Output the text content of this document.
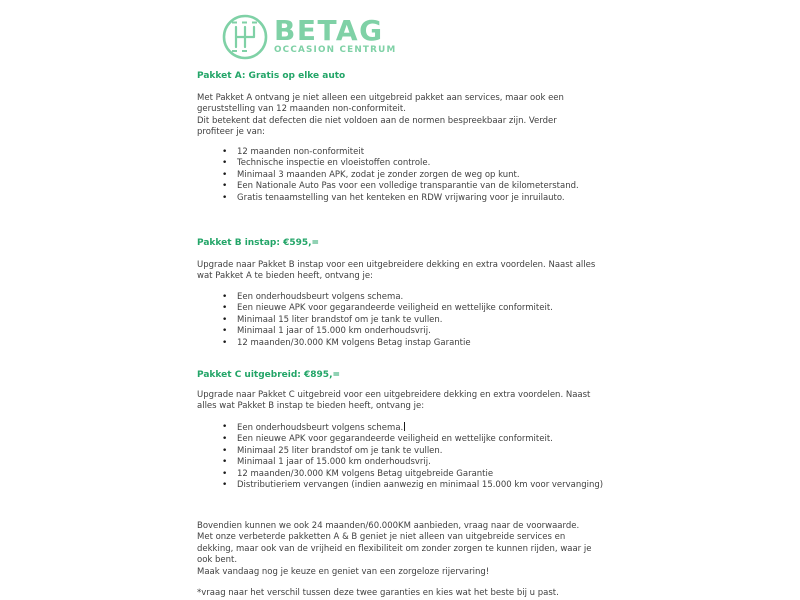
BETAG
OCCASION CENTRUM
Pakket A: Gratis op elke auto
Met Pakket A ontvang je niet alleen een uitgebreid pakket aan services, maar ook een
geruststelling van 12 maanden non-conformiteit.
Dit betekent dat defecten die niet voldoen aan de normen bespreekbaar zijn. Verder
profiteer je van:
• 12 maanden non-conformiteit
• Technische inspectie en vloeistoffen controle.
• Minimaal 3 maanden APK, zodat je zonder zorgen de weg op kunt.
• Een Nationale Auto Pas voor een volledige transparantie van de kilometerstand.
• Gratis tenaamstelling van het kenteken en RDW vrijwaring voor je inruilauto.
Pakket B instap: €595,=
Upgrade naar Pakket B instap voor een uitgebreidere dekking en extra voordelen. Naast alles
wat Pakket A te bieden heeft, ontvang je:
• Een onderhoudsbeurt volgens schema.
• Een nieuwe APK voor gegarandeerde veiligheid en wettelijke conformiteit.
• Minimaal 15 liter brandstof om je tank te vullen.
• Minimaal 1 jaar of 15.000 km onderhoudsvrij.
• 12 maanden/30.000 KM volgens Betag instap Garantie
Pakket C uitgebreid: €895,=
Upgrade naar Pakket C uitgebreid voor een uitgebreidere dekking en extra voordelen. Naast
alles wat Pakket B instap te bieden heeft, ontvang je:
• Een onderhoudsbeurt volgens schema.
• Een nieuwe APK voor gegarandeerde veiligheid en wettelijke conformiteit.
• Minimaal 25 liter brandstof om je tank te vullen.
• Minimaal 1 jaar of 15.000 km onderhoudsvrij.
• 12 maanden/30.000 KM volgens Betag uitgebreide Garantie
• Distributieriem vervangen (indien aanwezig en minimaal 15.000 km voor vervanging)
Bovendien kunnen we ook 24 maanden/60.000KM aanbieden, vraag naar de voorwaarde.
Met onze verbeterde pakketten A & B geniet je niet alleen van uitgebreide services en
dekking, maar ook van de vrijheid en flexibiliteit om zonder zorgen te kunnen rijden, waar je
ook bent.
Maak vandaag nog je keuze en geniet van een zorgeloze rijervaring!
*vraag naar het verschil tussen deze twee garanties en kies wat het beste bij u past.
